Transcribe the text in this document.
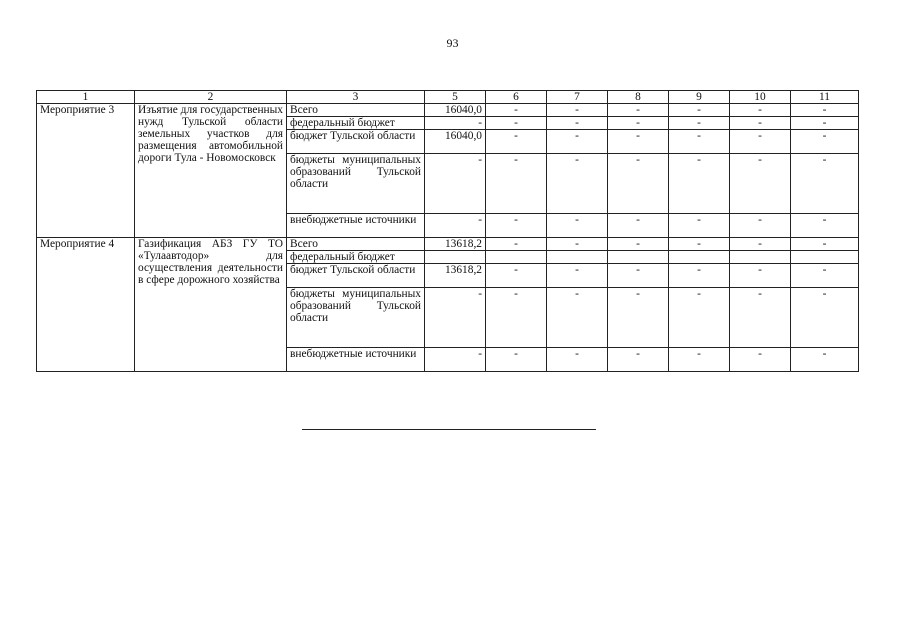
93
1	2	3	5	6	7	8	9	10	11
Мероприятие 3	Изъятие для государственных нужд Тульской области земельных участков для размещения автомобильной дороги Тула - Новомосковск	Всего	16040,0	-	-	-	-	-	-
		федеральный бюджет	-	-	-	-	-	-	-
		бюджет Тульской области	16040,0	-	-	-	-	-	-
		бюджеты муниципальных образований Тульской области	-	-	-	-	-	-	-
		внебюджетные источники	-	-	-	-	-	-	-
Мероприятие 4	Газификация АБЗ ГУ ТО «Тулаавтодор» для осуществления деятельности в сфере дорожного хозяйства	Всего	13618,2	-	-	-	-	-	-
		федеральный бюджет							
		бюджет Тульской области	13618,2	-	-	-	-	-	-
		бюджеты муниципальных образований Тульской области	-	-	-	-	-	-	-
		внебюджетные источники	-	-	-	-	-	-	-
